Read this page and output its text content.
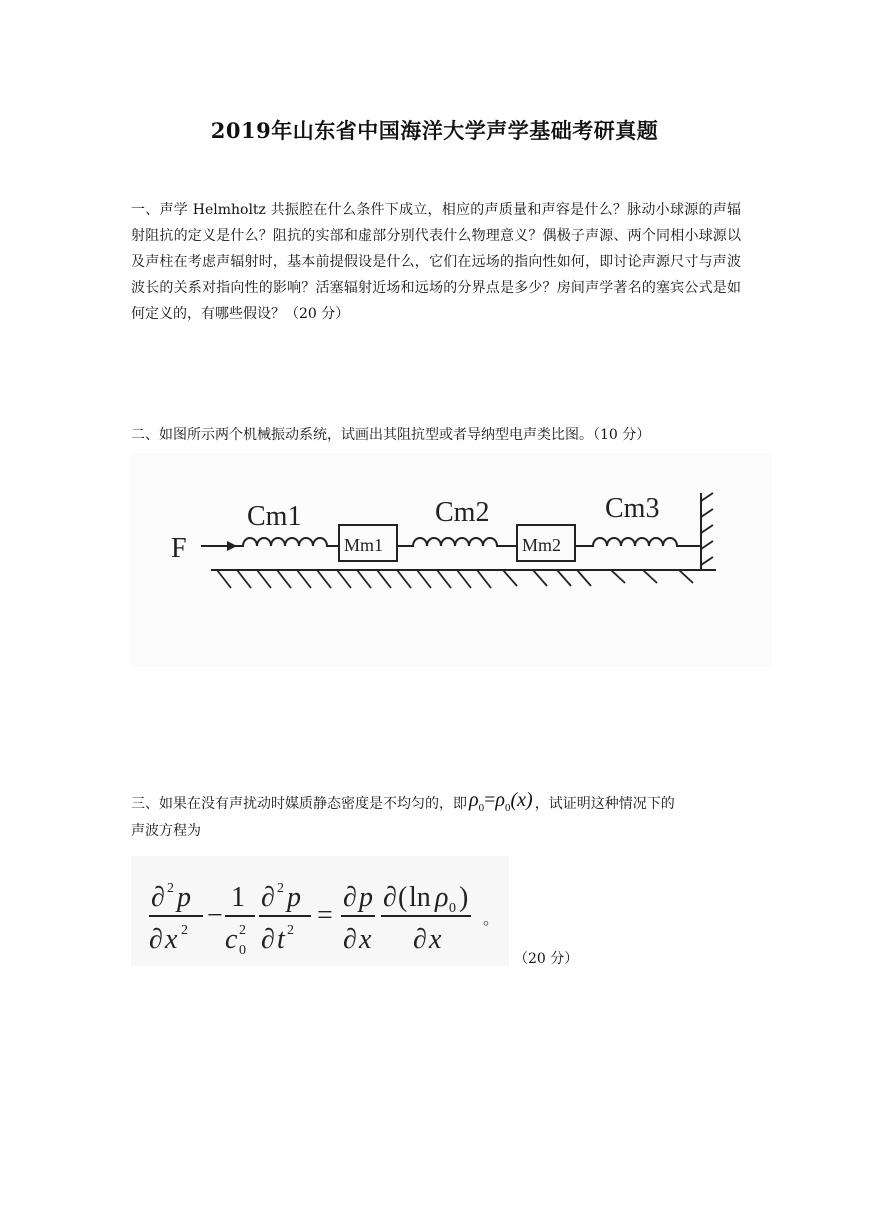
2019年山东省中国海洋大学声学基础考研真题
一、声学 Helmholtz 共振腔在什么条件下成立，相应的声质量和声容是什么？脉动小球源的声辐射阻抗的定义是什么？阻抗的实部和虚部分别代表什么物理意义？偶极子声源、两个同相小球源以及声柱在考虑声辐射时，基本前提假设是什么，它们在远场的指向性如何，即讨论声源尺寸与声波波长的关系对指向性的影响？活塞辐射近场和远场的分界点是多少？房间声学著名的塞宾公式是如何定义的，有哪些假设？（20 分）
二、如图所示两个机械振动系统，试画出其阻抗型或者导纳型电声类比图。（10 分）
F
Cm1
Mm1
Cm2
Mm2
Cm3
三、如果在没有声扰动时媒质静态密度是不均匀的，即 $\rho_0=\rho_0(x)$ ，试证明这种情况下的
声波方程为
∂ 2 p
∂ x 2 −
1
c 2
0
∂ 2 p
∂ t 2 =
∂ p
∂ x
∂ ( ln ρ 0 )
∂ x
。
（20 分）
